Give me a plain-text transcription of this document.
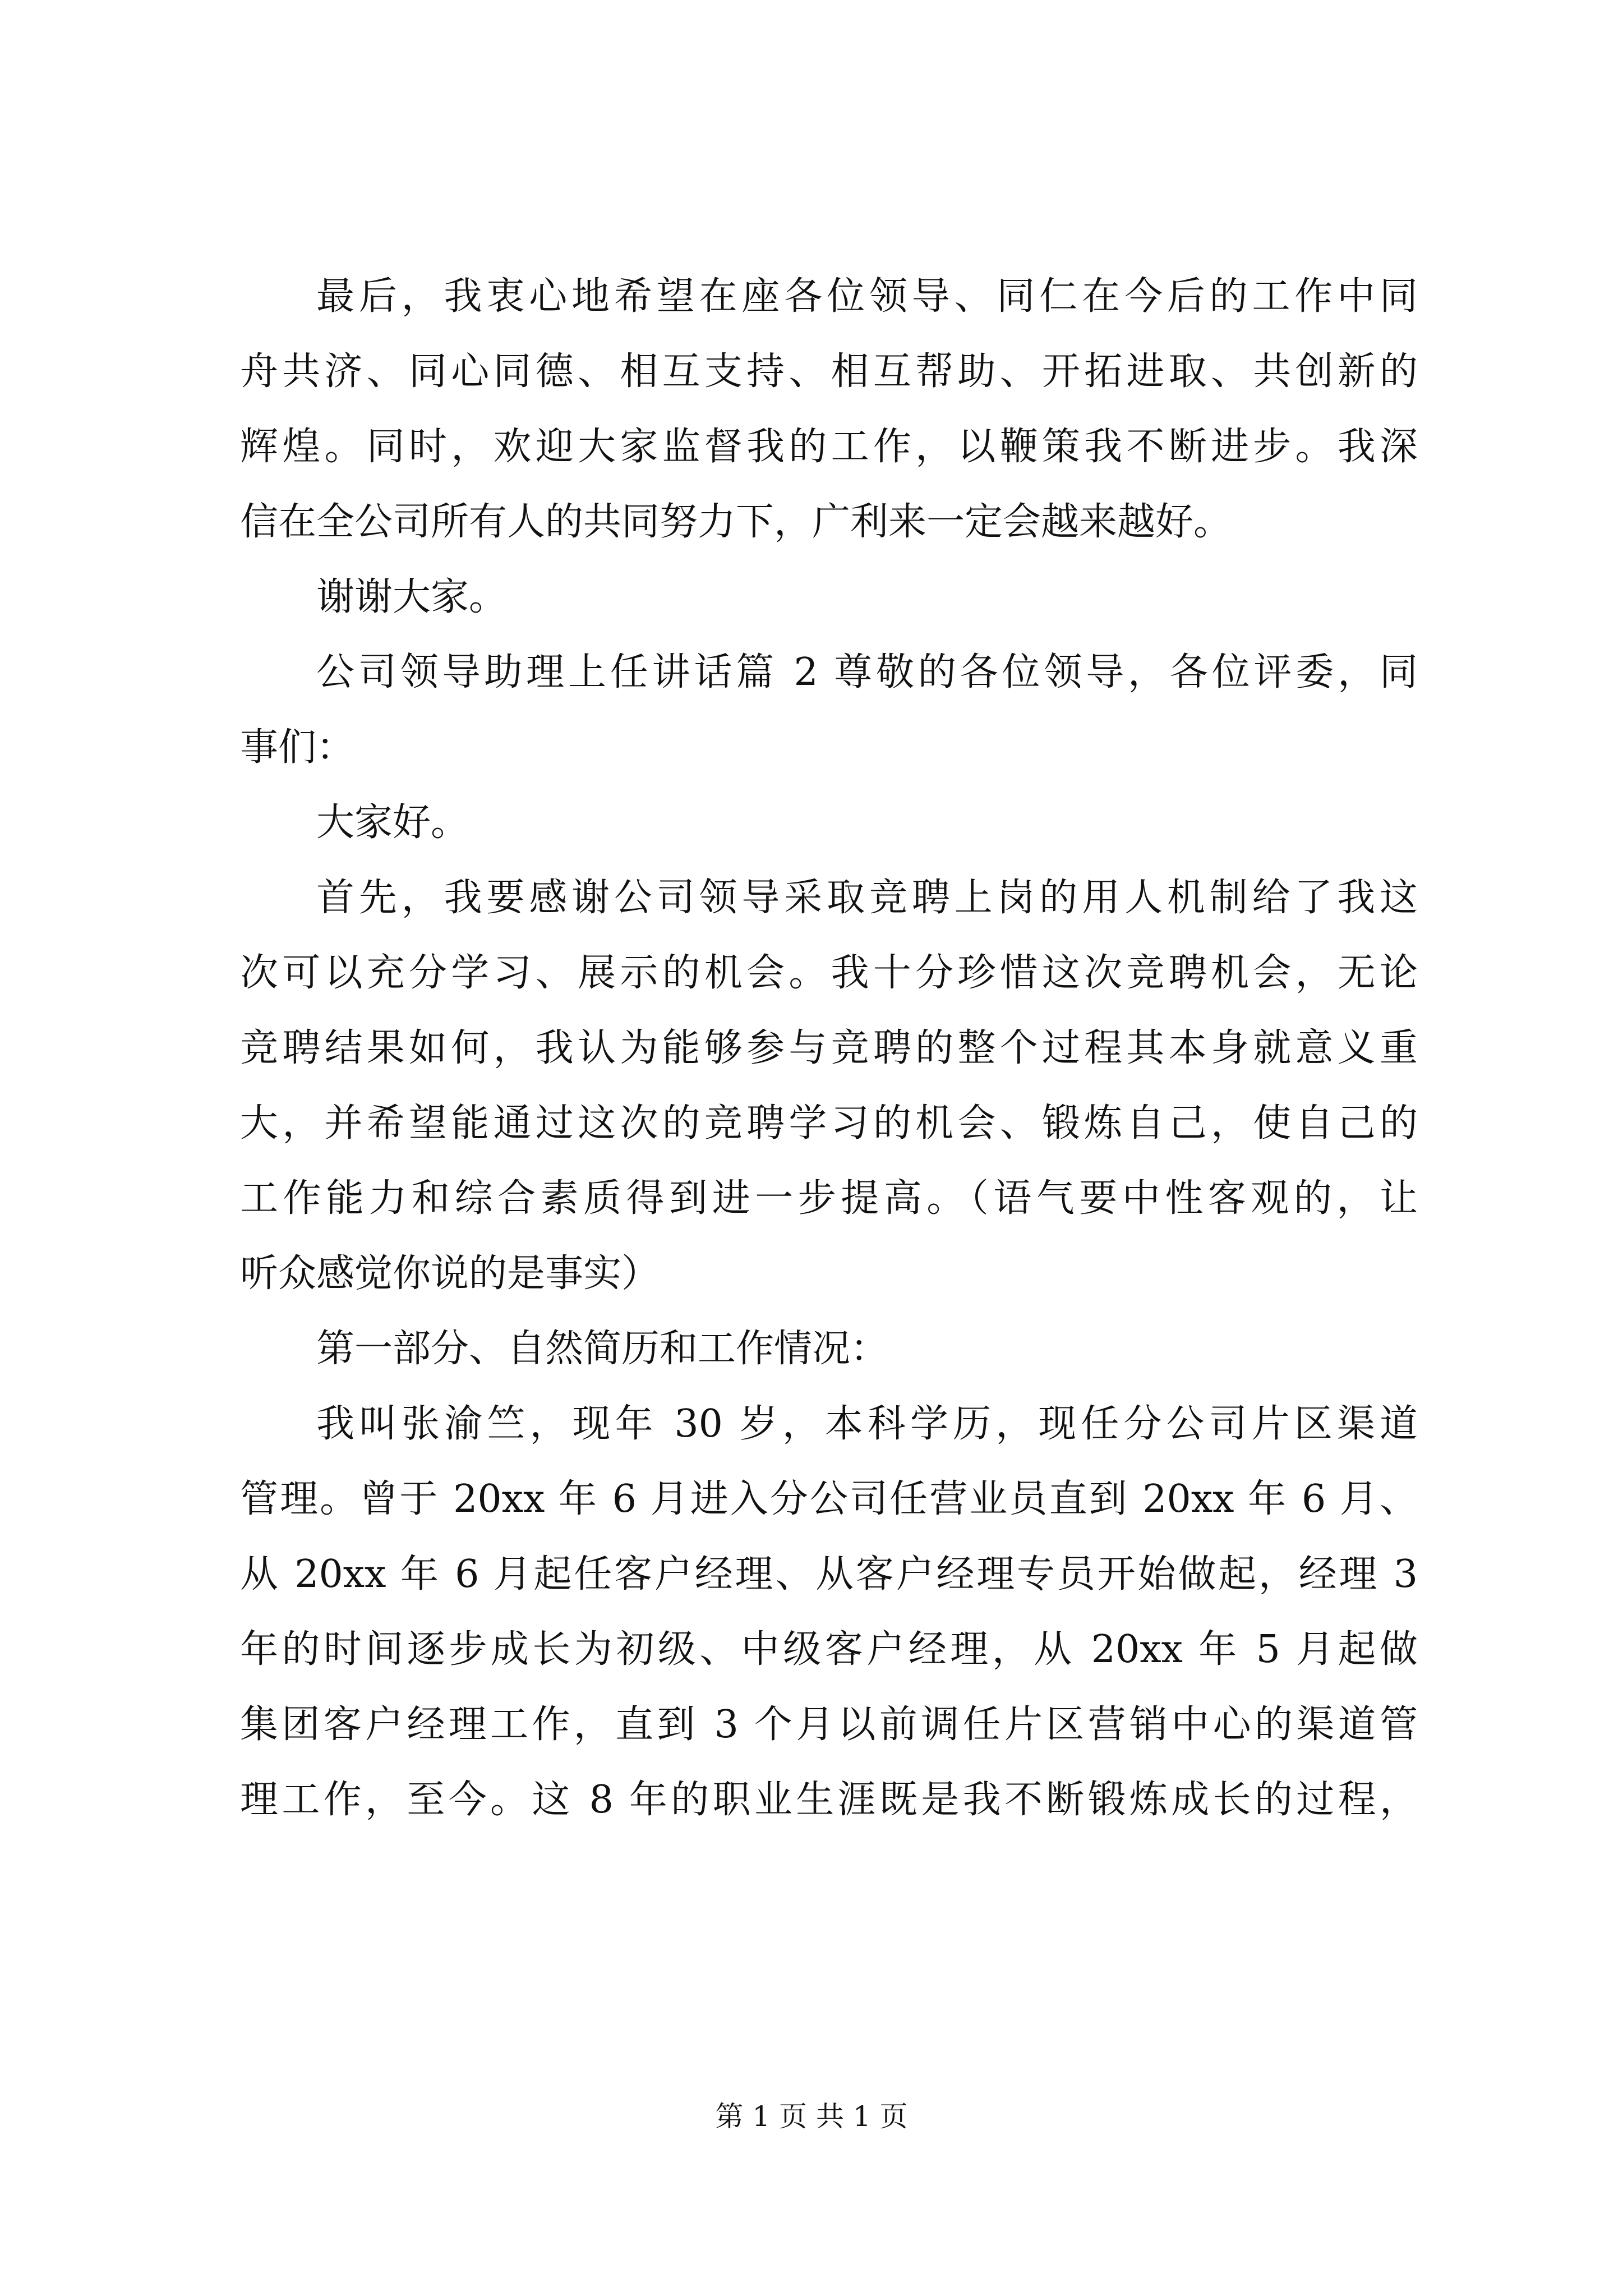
最后，我衷心地希望在座各位领导、同仁在今后的工作中同
舟共济、同心同德、相互支持、相互帮助、开拓进取、共创新的
辉煌。同时，欢迎大家监督我的工作，以鞭策我不断进步。我深
信在全公司所有人的共同努力下，广利来一定会越来越好。
谢谢大家。
公司领导助理上任讲话篇 2 尊敬的各位领导，各位评委，同
事们：
大家好。
首先，我要感谢公司领导采取竞聘上岗的用人机制给了我这
次可以充分学习、展示的机会。我十分珍惜这次竞聘机会，无论
竞聘结果如何，我认为能够参与竞聘的整个过程其本身就意义重
大，并希望能通过这次的竞聘学习的机会、锻炼自己，使自己的
工作能力和综合素质得到进一步提高。（语气要中性客观的，让
听众感觉你说的是事实）
第一部分、自然简历和工作情况：
我叫张渝竺，现年 30 岁，本科学历，现任分公司片区渠道
管理。曾于 20xx 年 6 月进入分公司任营业员直到 20xx 年 6 月、
从 20xx 年 6 月起任客户经理、从客户经理专员开始做起，经理 3
年的时间逐步成长为初级、中级客户经理，从 20xx 年 5 月起做
集团客户经理工作，直到 3 个月以前调任片区营销中心的渠道管
理工作，至今。这 8 年的职业生涯既是我不断锻炼成长的过程，
第 1 页 共 1 页
